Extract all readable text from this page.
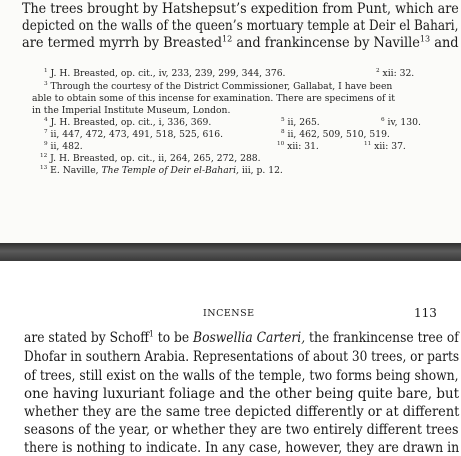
The trees brought by Hatshepsut’s expedition from Punt, which are
depicted on the walls of the queen’s mortuary temple at Deir el Bahari,
are termed myrrh by Breasted$^{12}$ and frankincense by Naville$^{13}$ and
$^1$ J. H. Breasted, op. cit., iv, 233, 239, 299, 344, 376.	$^2$ xii: 32.
$^3$ Through the courtesy of the District Commissioner, Gallabat, I have been
able to obtain some of this incense for examination. There are specimens of it
in the Imperial Institute Museum, London.
$^4$ J. H. Breasted, op. cit., i, 336, 369.	$^5$ ii, 265.	$^6$ iv, 130.
$^7$ ii, 447, 472, 473, 491, 518, 525, 616.	$^8$ ii, 462, 509, 510, 519.
$^9$ ii, 482.	$^{10}$ xii: 31.	$^{11}$ xii: 37.
$^{12}$ J. H. Breasted, op. cit., ii, 264, 265, 272, 288.
$^{13}$ E. Naville, The Temple of Deir el-Bahari, iii, p. 12.
INCENSE	113
are stated by Schoff$^1$ to be Boswellia Carteri, the frankincense tree of
Dhofar in southern Arabia. Representations of about 30 trees, or parts
of trees, still exist on the walls of the temple, two forms being shown,
one having luxuriant foliage and the other being quite bare, but
whether they are the same tree depicted differently or at different
seasons of the year, or whether they are two entirely different trees
there is nothing to indicate. In any case, however, they are drawn in
